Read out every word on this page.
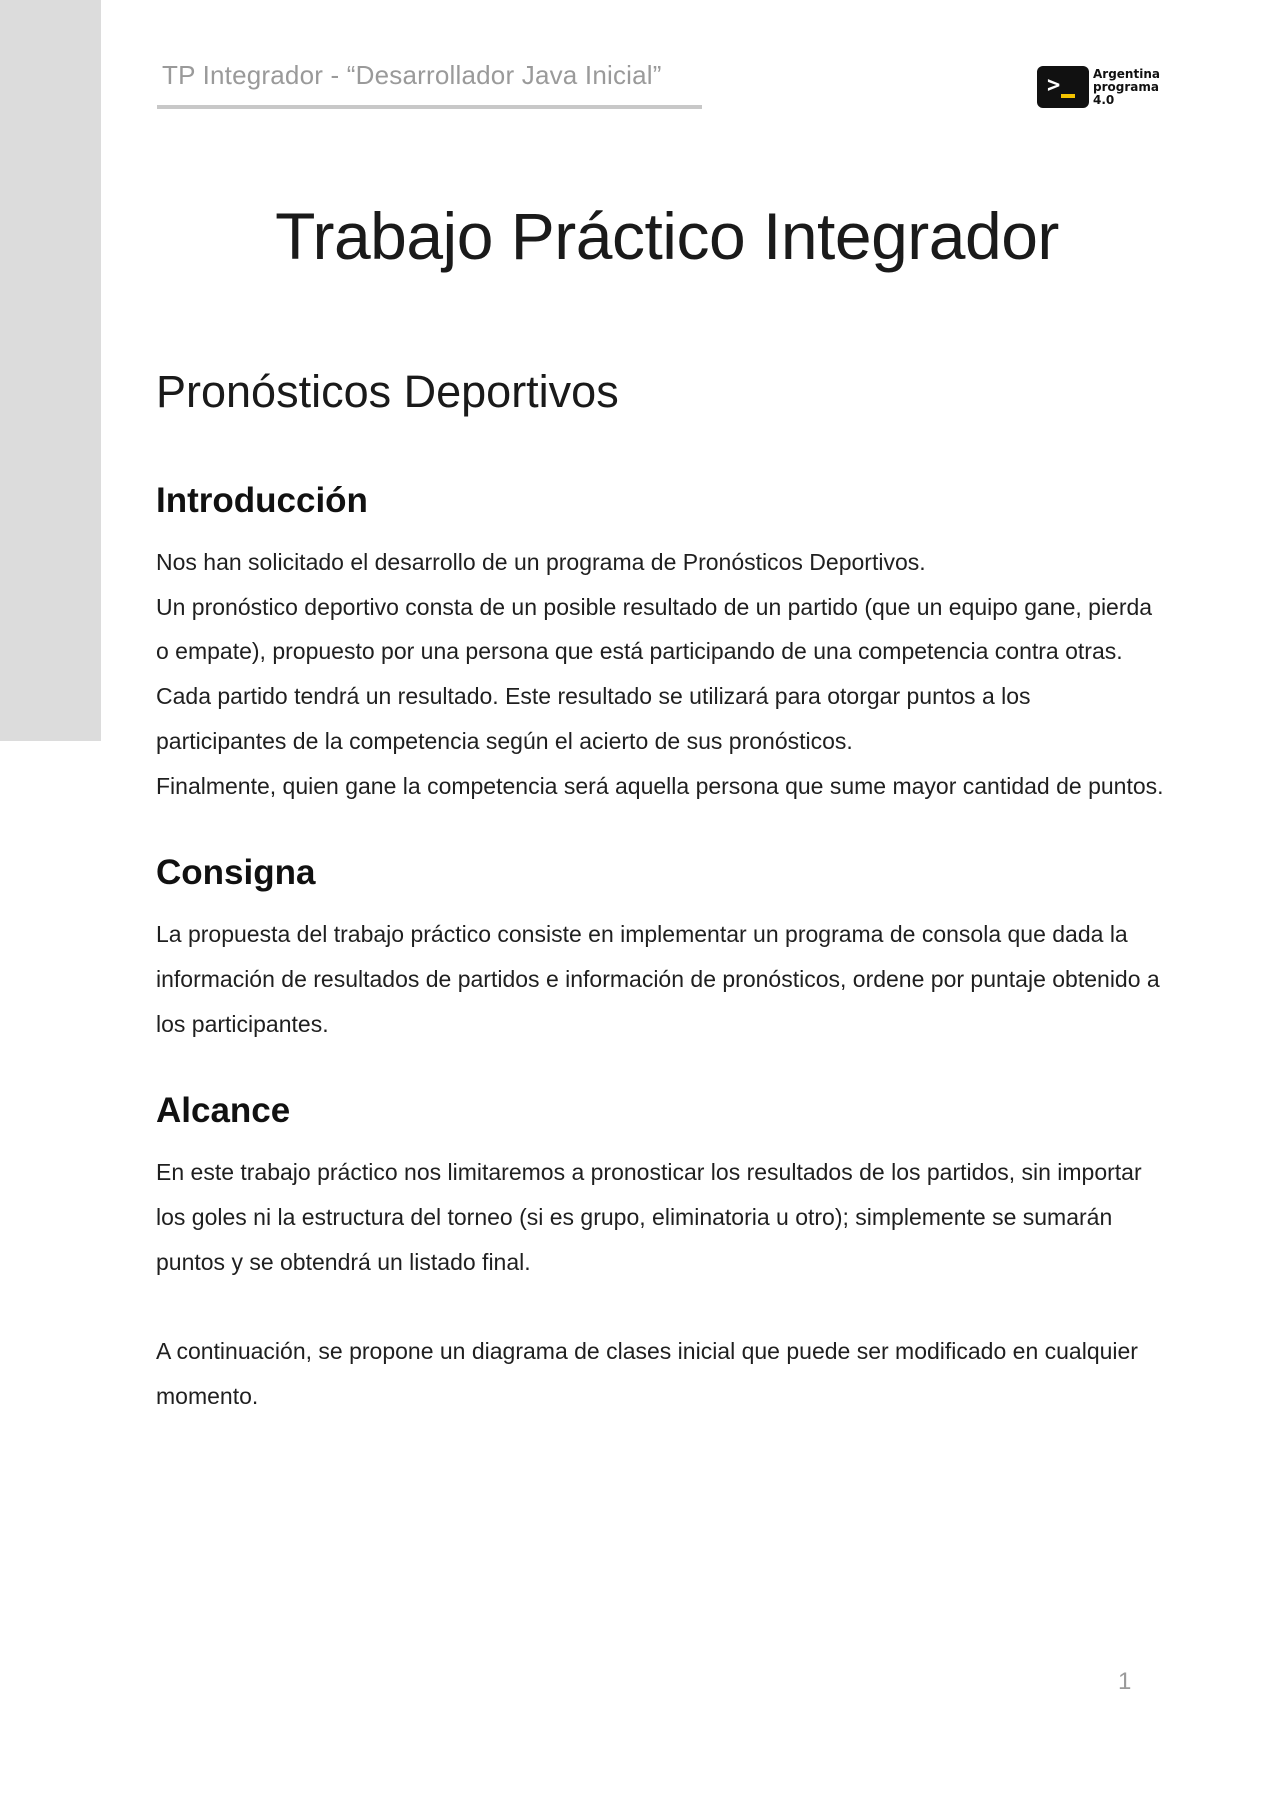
TP Integrador - “Desarrollador Java Inicial”	>	Argentina
programa
4.0
Trabajo Práctico Integrador
Pronósticos Deportivos
Introducción

Nos han solicitado el desarrollo de un programa de Pronósticos Deportivos.

Un pronóstico deportivo consta de un posible resultado de un partido (que un equipo gane, pierda o empate), propuesto por una persona que está participando de una competencia contra otras.

Cada partido tendrá un resultado. Este resultado se utilizará para otorgar puntos a los participantes de la competencia según el acierto de sus pronósticos.

Finalmente, quien gane la competencia será aquella persona que sume mayor cantidad de puntos.

Consigna

La propuesta del trabajo práctico consiste en implementar un programa de consola que dada la información de resultados de partidos e información de pronósticos, ordene por puntaje obtenido a los participantes.

Alcance

En este trabajo práctico nos limitaremos a pronosticar los resultados de los partidos, sin importar los goles ni la estructura del torneo (si es grupo, eliminatoria u otro); simplemente se sumarán puntos y se obtendrá un listado final.

A continuación, se propone un diagrama de clases inicial que puede ser modificado en cualquier momento.

1
